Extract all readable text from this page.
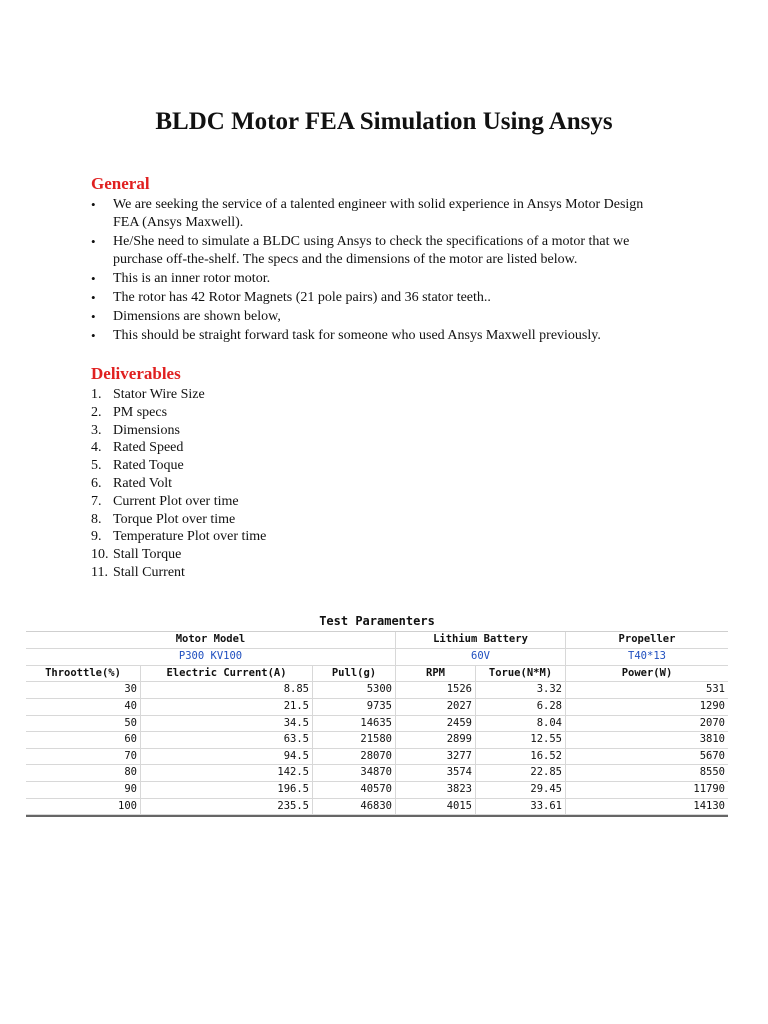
BLDC Motor FEA Simulation Using Ansys
General
• We are seeking the service of a talented engineer with solid experience in Ansys Motor Design FEA (Ansys Maxwell).
• He/She need to simulate a BLDC using Ansys to check the specifications of a motor that we purchase off-the-shelf. The specs and the dimensions of the motor are listed below.
• This is an inner rotor motor.
• The rotor has 42 Rotor Magnets (21 pole pairs) and 36 stator teeth..
• Dimensions are shown below,
• This should be straight forward task for someone who used Ansys Maxwell previously.
Deliverables
1. Stator Wire Size
2. PM specs
3. Dimensions
4. Rated Speed
5. Rated Toque
6. Rated Volt
7. Current Plot over time
8. Torque Plot over time
9. Temperature Plot over time
10. Stall Torque
11. Stall Current
Test Paramenters
Motor Model	Lithium Battery	Propeller
P300 KV100	60V	T40*13
Throottle(%)	Electric Current(A)	Pull(g)	RPM	Torue(N*M)	Power(W)
30	8.85	5300	1526	3.32	531
40	21.5	9735	2027	6.28	1290
50	34.5	14635	2459	8.04	2070
60	63.5	21580	2899	12.55	3810
70	94.5	28070	3277	16.52	5670
80	142.5	34870	3574	22.85	8550
90	196.5	40570	3823	29.45	11790
100	235.5	46830	4015	33.61	14130
